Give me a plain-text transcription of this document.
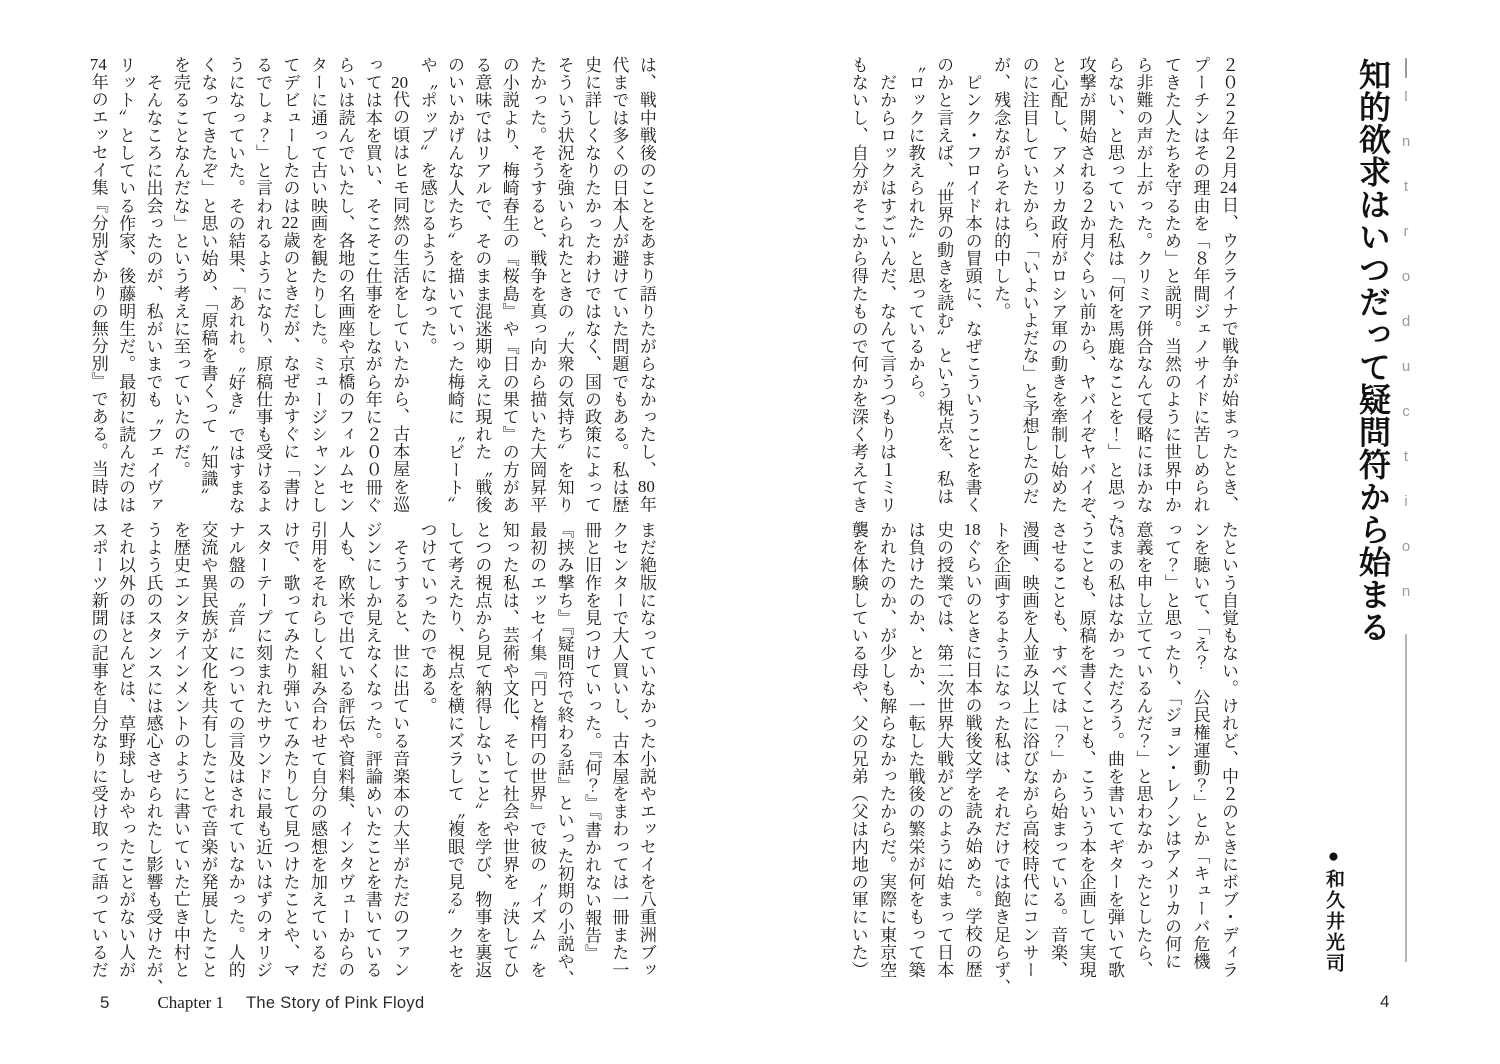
Introduction
知的欲求はいつだって疑問符から始まる
●和久井光司
２０２２年２月24日、ウクライナで戦争が始まったとき、
プーチンはその理由を「８年間ジェノサイドに苦しめられ
てきた人たちを守るため」と説明。当然のように世界中か
ら非難の声が上がった。クリミア併合なんて侵略にほかな
らない、と思っていた私は「何を馬鹿なことを！」と思った。
攻撃が開始される２か月ぐらい前から、ヤバイぞヤバイぞ、
と心配し、アメリカ政府がロシア軍の動きを牽制し始めた
のに注目していたから、「いよいよだな」と予想したのだ
が、残念ながらそれは的中した。
　ピンク・フロイド本の冒頭に、なぜこういうことを書く
のかと言えば、〝世界の動きを読む〟という視点を、私は
〝ロックに教えられた〟と思っているから。
　だからロックはすごいんだ、なんて言うつもりは１ミリ
もないし、自分がそこから得たもので何かを深く考えてき
たという自覚もない。けれど、中２のときにボブ・ディラ
ンを聴いて、「え？　公民権運動？」とか「キューバ危機
って？」と思ったり、「ジョン・レノンはアメリカの何に
意義を申し立てているんだ？」と思わなかったとしたら、
いまの私はなかっただろう。曲を書いてギターを弾いて歌
うことも、原稿を書くことも、こういう本を企画して実現
させることも、すべては「？」から始まっている。音楽、
漫画、映画を人並み以上に浴びながら高校時代にコンサー
トを企画するようになった私は、それだけでは飽き足らず、
18ぐらいのときに日本の戦後文学を読み始めた。学校の歴
史の授業では、第二次世界大戦がどのように始まって日本
は負けたのか、とか、一転した戦後の繁栄が何をもって築
かれたのか、が少しも解らなかったからだ。実際に東京空
襲を体験している母や、父の兄弟（父は内地の軍にいた）
4
は、戦中戦後のことをあまり語りたがらなかったし、80年
代までは多くの日本人が避けていた問題でもある。私は歴
史に詳しくなりたかったわけではなく、国の政策によって
そういう状況を強いられたときの〝大衆の気持ち〟を知り
たかった。そうすると、戦争を真っ向から描いた大岡昇平
の小説より、梅崎春生の『桜島』や『日の果て』の方があ
る意味ではリアルで、そのまま混迷期ゆえに現れた〝戦後
のいいかげんな人たち〟を描いていった梅崎に〝ビート〟
や〝ポップ〟を感じるようになった。
　20代の頃はヒモ同然の生活をしていたから、古本屋を巡
っては本を買い、そこそこ仕事をしながら年に２００冊ぐ
らいは読んでいたし、各地の名画座や京橋のフィルムセン
ターに通って古い映画を観たりした。ミュージシャンとし
てデビューしたのは22歳のときだが、なぜかすぐに「書け
るでしょ？」と言われるようになり、原稿仕事も受けるよ
うになっていた。その結果、「あれれ。〝好き〟ではすまな
くなってきたぞ」と思い始め、「原稿を書くって〝知識〟
を売ることなんだな」という考えに至っていたのだ。
　そんなころに出会ったのが、私がいまでも〝フェイヴァ
リット〟としている作家、後藤明生だ。最初に読んだのは
74年のエッセイ集『分別ざかりの無分別』である。当時は
まだ絶版になっていなかった小説やエッセイを八重洲ブッ
クセンターで大人買いし、古本屋をまわっては一冊また一
冊と旧作を見つけていった。『何？』『書かれない報告』
『挟み撃ち』『疑問符で終わる話』といった初期の小説や、
最初のエッセイ集『円と楕円の世界』で彼の〝イズム〟を
知った私は、芸術や文化、そして社会や世界を〝決してひ
とつの視点から見て納得しないこと〟を学び、物事を裏返
して考えたり、視点を横にズラして〝複眼で見る〟クセを
つけていったのである。
　そうすると、世に出ている音楽本の大半がただのファン
ジンにしか見えなくなった。評論めいたことを書いている
人も、欧米で出ている評伝や資料集、インタヴューからの
引用をそれらしく組み合わせて自分の感想を加えているだ
けで、歌ってみたり弾いてみたりして見つけたことや、マ
スターテープに刻まれたサウンドに最も近いはずのオリジ
ナル盤の〝音〟についての言及はされていなかった。人的
交流や異民族が文化を共有したことで音楽が発展したこと
を歴史エンタテインメントのように書いていた亡き中村と
うよう氏のスタンスには感心させられたし影響も受けたが、
それ以外のほとんどは、草野球しかやったことがない人が
スポーツ新聞の記事を自分なりに受け取って語っているだ
5	Chapter 1 The Story of Pink Floyd
